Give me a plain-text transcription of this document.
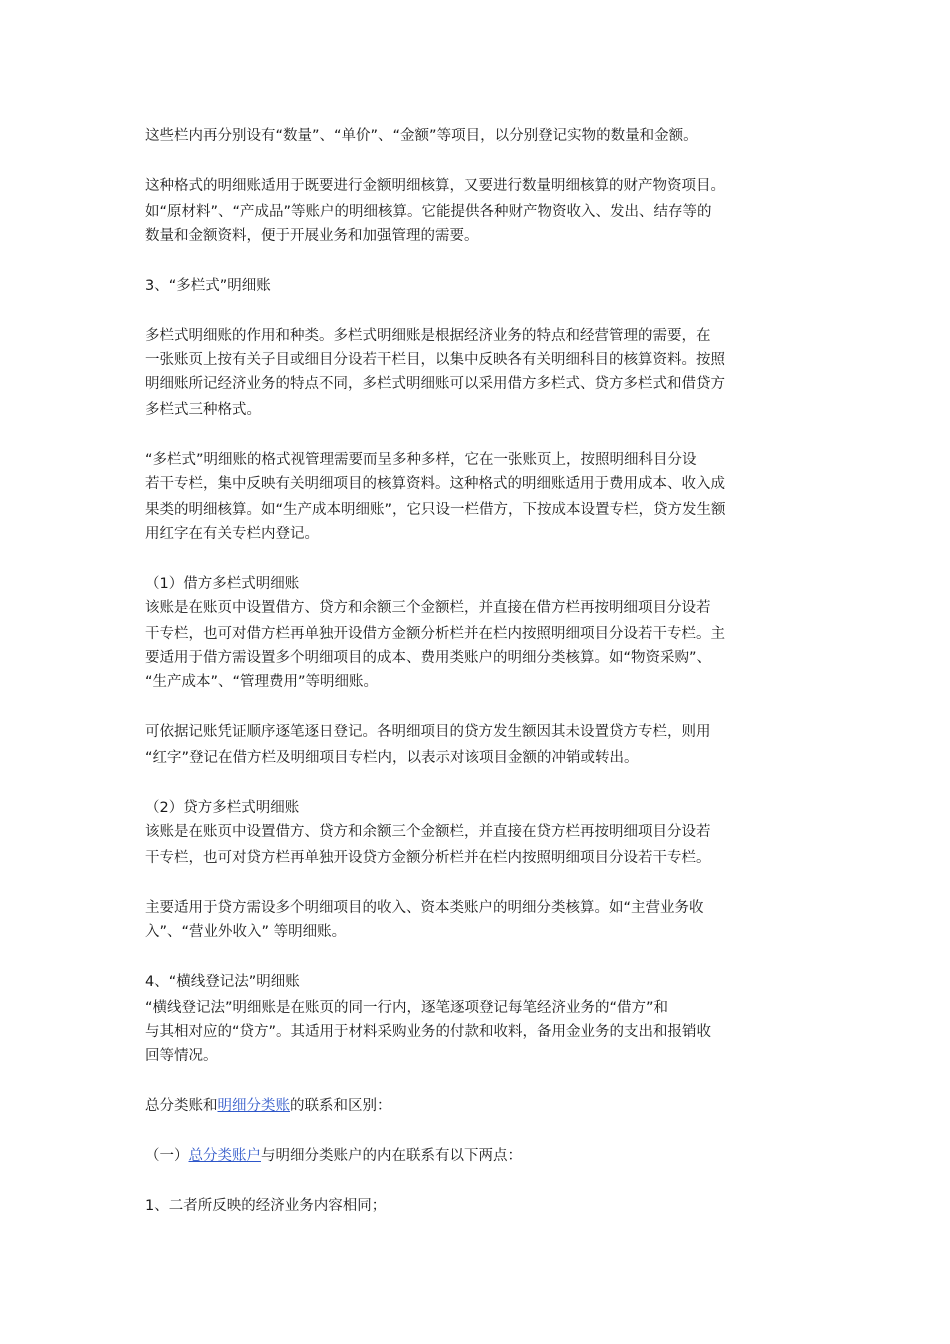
这些栏内再分别设有“数量”、“单价”、“金额”等项目，以分别登记实物的数量和金额。
这种格式的明细账适用于既要进行金额明细核算，又要进行数量明细核算的财产物资项目。
如“原材料”、“产成品”等账户的明细核算。它能提供各种财产物资收入、发出、结存等的
数量和金额资料，便于开展业务和加强管理的需要。
3、“多栏式”明细账
多栏式明细账的作用和种类。多栏式明细账是根据经济业务的特点和经营管理的需要，在
一张账页上按有关子目或细目分设若干栏目，以集中反映各有关明细科目的核算资料。按照
明细账所记经济业务的特点不同，多栏式明细账可以采用借方多栏式、贷方多栏式和借贷方
多栏式三种格式。
“多栏式”明细账的格式视管理需要而呈多种多样，它在一张账页上，按照明细科目分设
若干专栏，集中反映有关明细项目的核算资料。这种格式的明细账适用于费用成本、收入成
果类的明细核算。如“生产成本明细账”，它只设一栏借方，下按成本设置专栏，贷方发生额
用红字在有关专栏内登记。
（1）借方多栏式明细账
该账是在账页中设置借方、贷方和余额三个金额栏，并直接在借方栏再按明细项目分设若
干专栏，也可对借方栏再单独开设借方金额分析栏并在栏内按照明细项目分设若干专栏。主
要适用于借方需设置多个明细项目的成本、费用类账户的明细分类核算。如“物资采购”、
“生产成本”、“管理费用”等明细账。
可依据记账凭证顺序逐笔逐日登记。各明细项目的贷方发生额因其未设置贷方专栏，则用
“红字”登记在借方栏及明细项目专栏内，以表示对该项目金额的冲销或转出。
（2）贷方多栏式明细账
该账是在账页中设置借方、贷方和余额三个金额栏，并直接在贷方栏再按明细项目分设若
干专栏，也可对贷方栏再单独开设贷方金额分析栏并在栏内按照明细项目分设若干专栏。
主要适用于贷方需设多个明细项目的收入、资本类账户的明细分类核算。如“主营业务收
入”、“营业外收入” 等明细账。
4、“横线登记法”明细账
“横线登记法”明细账是在账页的同一行内，逐笔逐项登记每笔经济业务的“借方”和
与其相对应的“贷方”。其适用于材料采购业务的付款和收料，备用金业务的支出和报销收
回等情况。
总分类账和明细分类账的联系和区别：
（一）总分类账户与明细分类账户的内在联系有以下两点：
1、二者所反映的经济业务内容相同；
